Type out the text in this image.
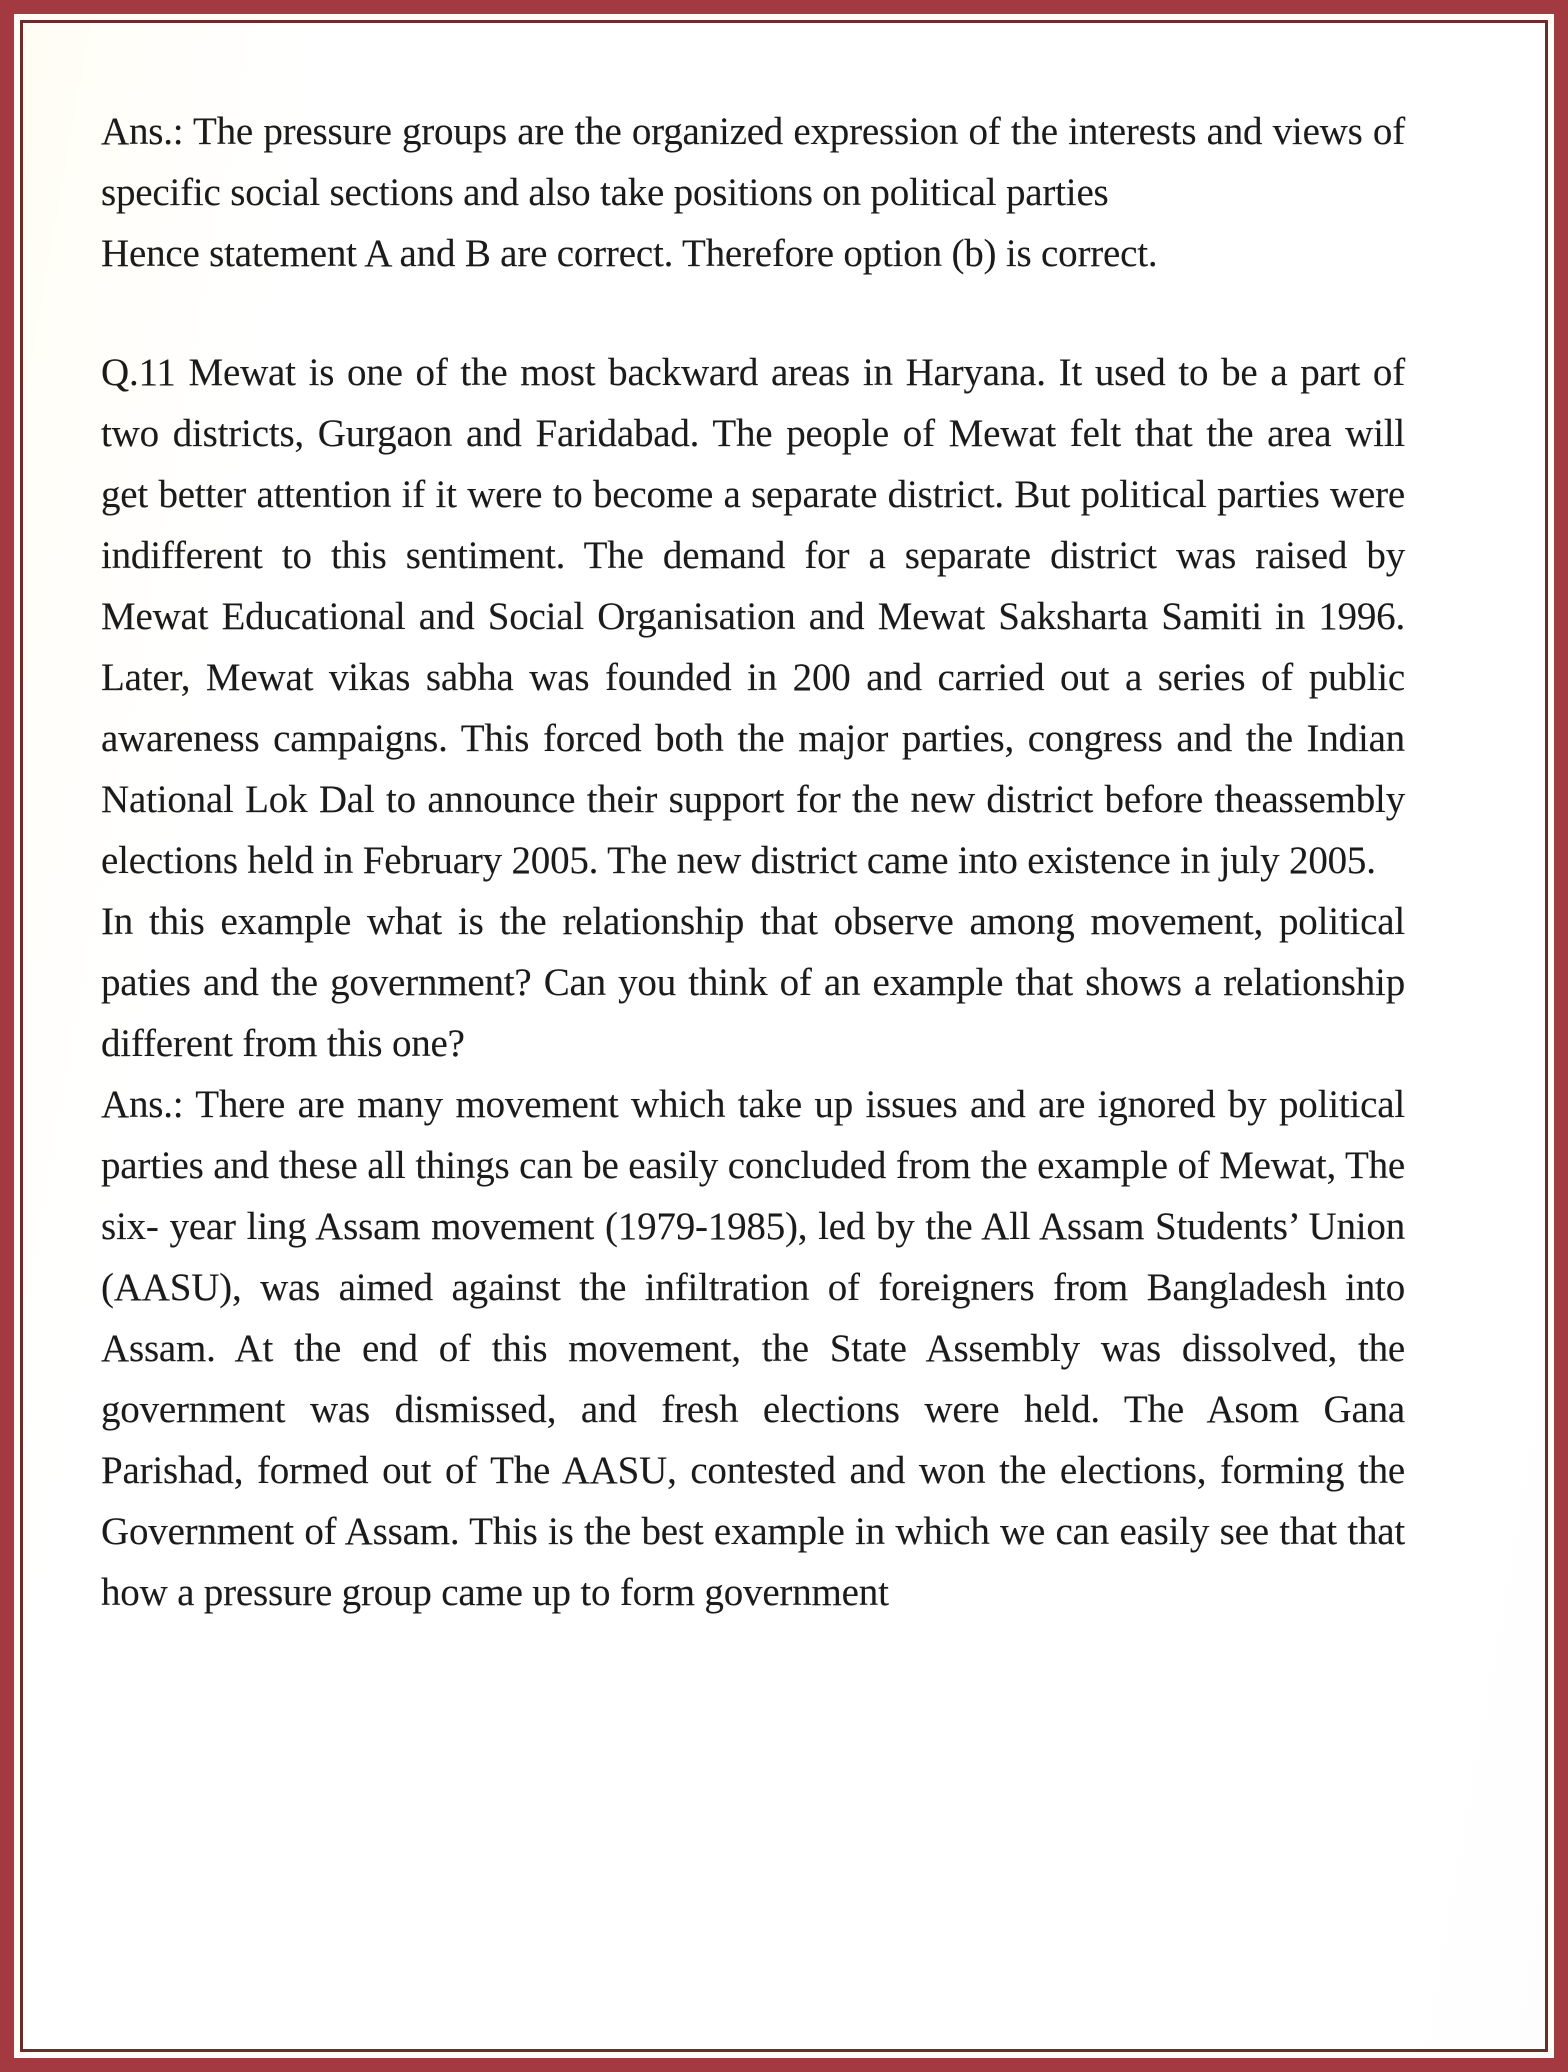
Ans.: The pressure groups are the organized expression of the interests and views of specific social sections and also take positions on political parties

Hence statement A and B are correct. Therefore option (b) is correct.

Q.11 Mewat is one of the most backward areas in Haryana. It used to be a part of two districts, Gurgaon and Faridabad. The people of Mewat felt that the area will get better attention if it were to become a separate district. But political parties were indifferent to this sentiment. The demand for a separate district was raised by Mewat Educational and Social Organisation and Mewat Saksharta Samiti in 1996. Later, Mewat vikas sabha was founded in 200 and carried out a series of public awareness campaigns. This forced both the major parties, congress and the Indian National Lok Dal to announce their support for the new district before theassembly elections held in February 2005. The new district came into existence in july 2005.

In this example what is the relationship that observe among movement, political paties and the government? Can you think of an example that shows a relationship different from this one?

Ans.: There are many movement which take up issues and are ignored by political parties and these all things can be easily concluded from the example of Mewat, The six- year ling Assam movement (1979-1985), led by the All Assam Students’ Union (AASU), was aimed against the infiltration of foreigners from Bangladesh into Assam. At the end of this movement, the State Assembly was dissolved, the government was dismissed, and fresh elections were held. The Asom Gana Parishad, formed out of The AASU, contested and won the elections, forming the Government of Assam. This is the best example in which we can easily see that that how a pressure group came up to form government
